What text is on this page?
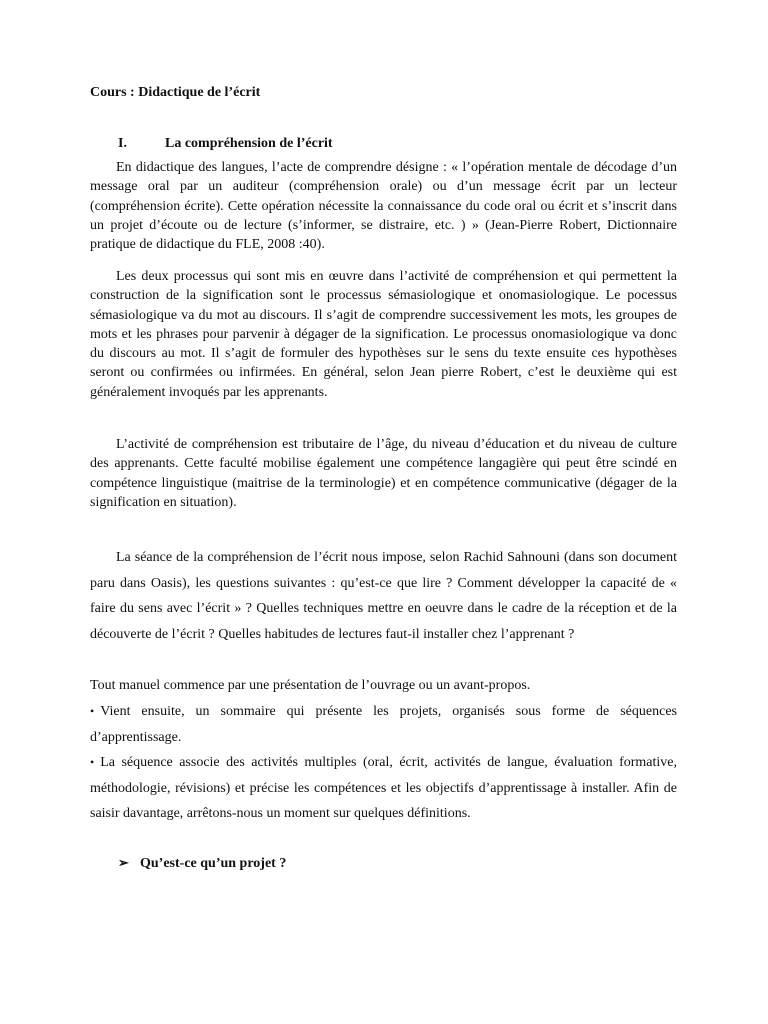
Cours : Didactique de l’écrit
I.	La compréhension de l’écrit

En didactique des langues, l’acte de comprendre désigne : « l’opération mentale de décodage d’un message oral par un auditeur (compréhension orale) ou d’un message écrit par un lecteur (compréhension écrite). Cette opération nécessite la connaissance du code oral ou écrit et s’inscrit dans un projet d’écoute ou de lecture (s’informer, se distraire, etc. ) » (Jean-Pierre Robert, Dictionnaire pratique de didactique du FLE, 2008 :40).

Les deux processus qui sont mis en œuvre dans l’activité de compréhension et qui permettent la construction de la signification sont le processus sémasiologique et onomasiologique. Le pocessus sémasiologique va du mot au discours. Il s’agit de comprendre successivement les mots, les groupes de mots et les phrases pour parvenir à dégager de la signification. Le processus onomasiologique va donc du discours au mot. Il s’agit de formuler des hypothèses sur le sens du texte ensuite ces hypothèses seront ou confirmées ou infirmées. En général, selon Jean pierre Robert, c’est le deuxième qui est généralement invoqués par les apprenants.

L’activité de compréhension est tributaire de l’âge, du niveau d’éducation et du niveau de culture des apprenants. Cette faculté mobilise également une compétence langagière qui peut être scindé en compétence linguistique (maitrise de la terminologie) et en compétence communicative (dégager de la signification en situation).

La séance de la compréhension de l’écrit nous impose, selon Rachid Sahnouni (dans son document paru dans Oasis), les questions suivantes : qu’est-ce que lire ? Comment développer la capacité de « faire du sens avec l’écrit » ? Quelles techniques mettre en oeuvre dans le cadre de la réception et de la découverte de l’écrit ? Quelles habitudes de lectures faut-il installer chez l’apprenant ?

Tout manuel commence par une présentation de l’ouvrage ou un avant-propos.

• Vient ensuite, un sommaire qui présente les projets, organisés sous forme de séquences d’apprentissage.

• La séquence associe des activités multiples (oral, écrit, activités de langue, évaluation formative, méthodologie, révisions) et précise les compétences et les objectifs d’apprentissage à installer. Afin de saisir davantage, arrêtons-nous un moment sur quelques définitions.

➢ Qu’est-ce qu’un projet ?
